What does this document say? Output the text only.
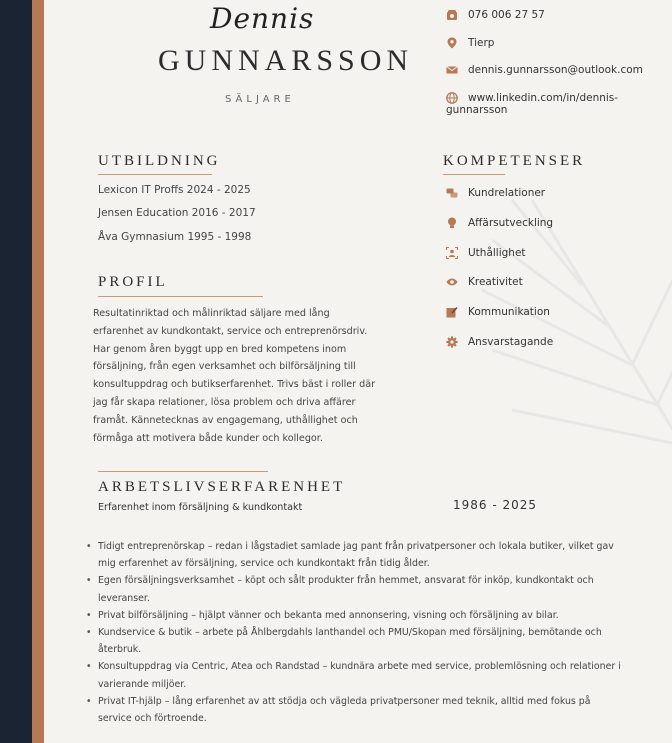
Dennis
GUNNARSSON
SÄLJARE
076 006 27 57
Tierp
dennis.gunnarsson@outlook.com
www.linkedin.com/in/dennis-gunnarsson
UTBILDNING
Lexicon IT Proffs 2024 - 2025
Jensen Education 2016 - 2017
Åva Gymnasium 1995 - 1998
PROFIL
Resultatinriktad och målinriktad säljare med lång erfarenhet av kundkontakt, service och entreprenörsdriv. Har genom åren byggt upp en bred kompetens inom försäljning, från egen verksamhet och bilförsäljning till konsultuppdrag och butikserfarenhet. Trivs bäst i roller där jag får skapa relationer, lösa problem och driva affärer framåt. Kännetecknas av engagemang, uthållighet och förmåga att motivera både kunder och kollegor.
KOMPETENSER
Kundrelationer
Affärsutveckling
Uthållighet
Kreativitet
Kommunikation
Ansvarstagande
ARBETSLIVSERFARENHET
Erfarenhet inom försäljning & kundkontakt	1986 - 2025
• Tidigt entreprenörskap – redan i lågstadiet samlade jag pant från privatpersoner och lokala butiker, vilket gav mig erfarenhet av försäljning, service och kundkontakt från tidig ålder.
• Egen försäljningsverksamhet – köpt och sålt produkter från hemmet, ansvarat för inköp, kundkontakt och leveranser.
• Privat bilförsäljning – hjälpt vänner och bekanta med annonsering, visning och försäljning av bilar.
• Kundservice & butik – arbete på Åhlbergdahls lanthandel och PMU/Skopan med försäljning, bemötande och återbruk.
• Konsultuppdrag via Centric, Atea och Randstad – kundnära arbete med service, problemlösning och relationer i varierande miljöer.
• Privat IT-hjälp – lång erfarenhet av att stödja och vägleda privatpersoner med teknik, alltid med fokus på service och förtroende.
